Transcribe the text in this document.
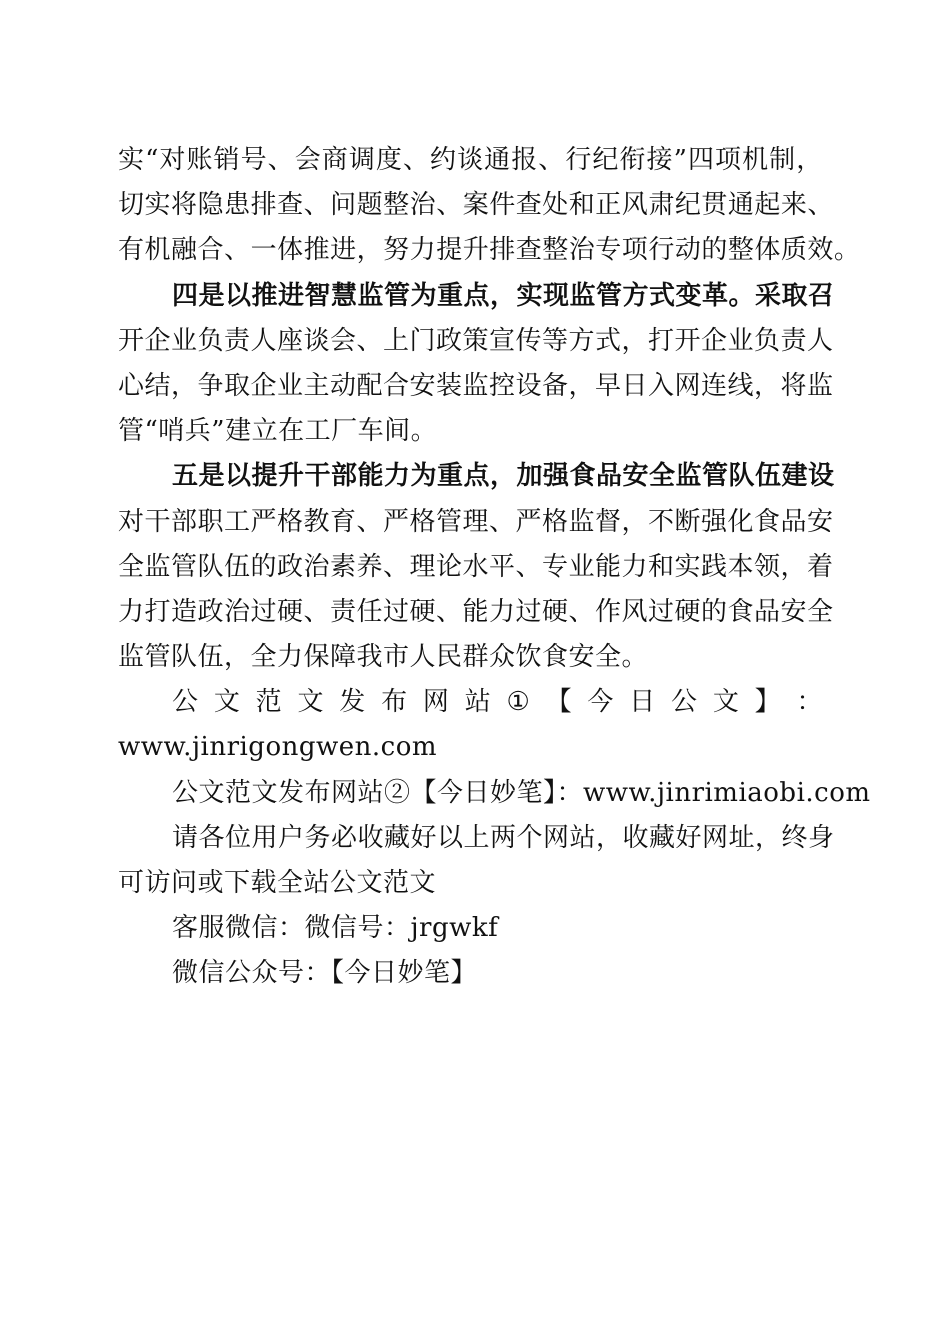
实 “ 对 账 销 号 、 会 商 调 度 、 约 谈 通 报 、 行 纪 衔 接 ” 四 项 机 制 ，
切 实 将 隐 患 排 查 、 问 题 整 治 、 案 件 查 处 和 正 风 肃 纪 贯 通 起 来 、
有 机 融 合 、 一 体 推 进 ， 努 力 提 升 排 查 整 治 专 项 行 动 的 整 体 质 效 。
四是以推进智慧监管为重点，实现监管方式变革。采取召
开企业负责人座谈会、上门政策宣传等方式，打开企业负责人
心结，争取企业主动配合安装监控设备，早日入网连线，将监
管“哨兵”建立在工厂车间。
五是以提升干部能力为重点，加强食品安全监管队伍建设
对干部职工严格教育、严格管理、严格监督，不断强化食品安
全监管队伍的政治素养、理论水平、专业能力和实践本领，着
力打造政治过硬、责任过硬、能力过硬、作风过硬的食品安全
监管队伍，全力保障我市人民群众饮食安全。
公 文 范 文 发 布 网 站 ① 【 今 日 公 文 】 ：
www.jinrigongwen.com
公文范文发布网站②【今日妙笔】：www.jinrimiaobi.com
请各位用户务必收藏好以上两个网站，收藏好网址，终身
可访问或下载全站公文范文
客服微信：微信号：jrgwkf
微信公众号：【今日妙笔】
